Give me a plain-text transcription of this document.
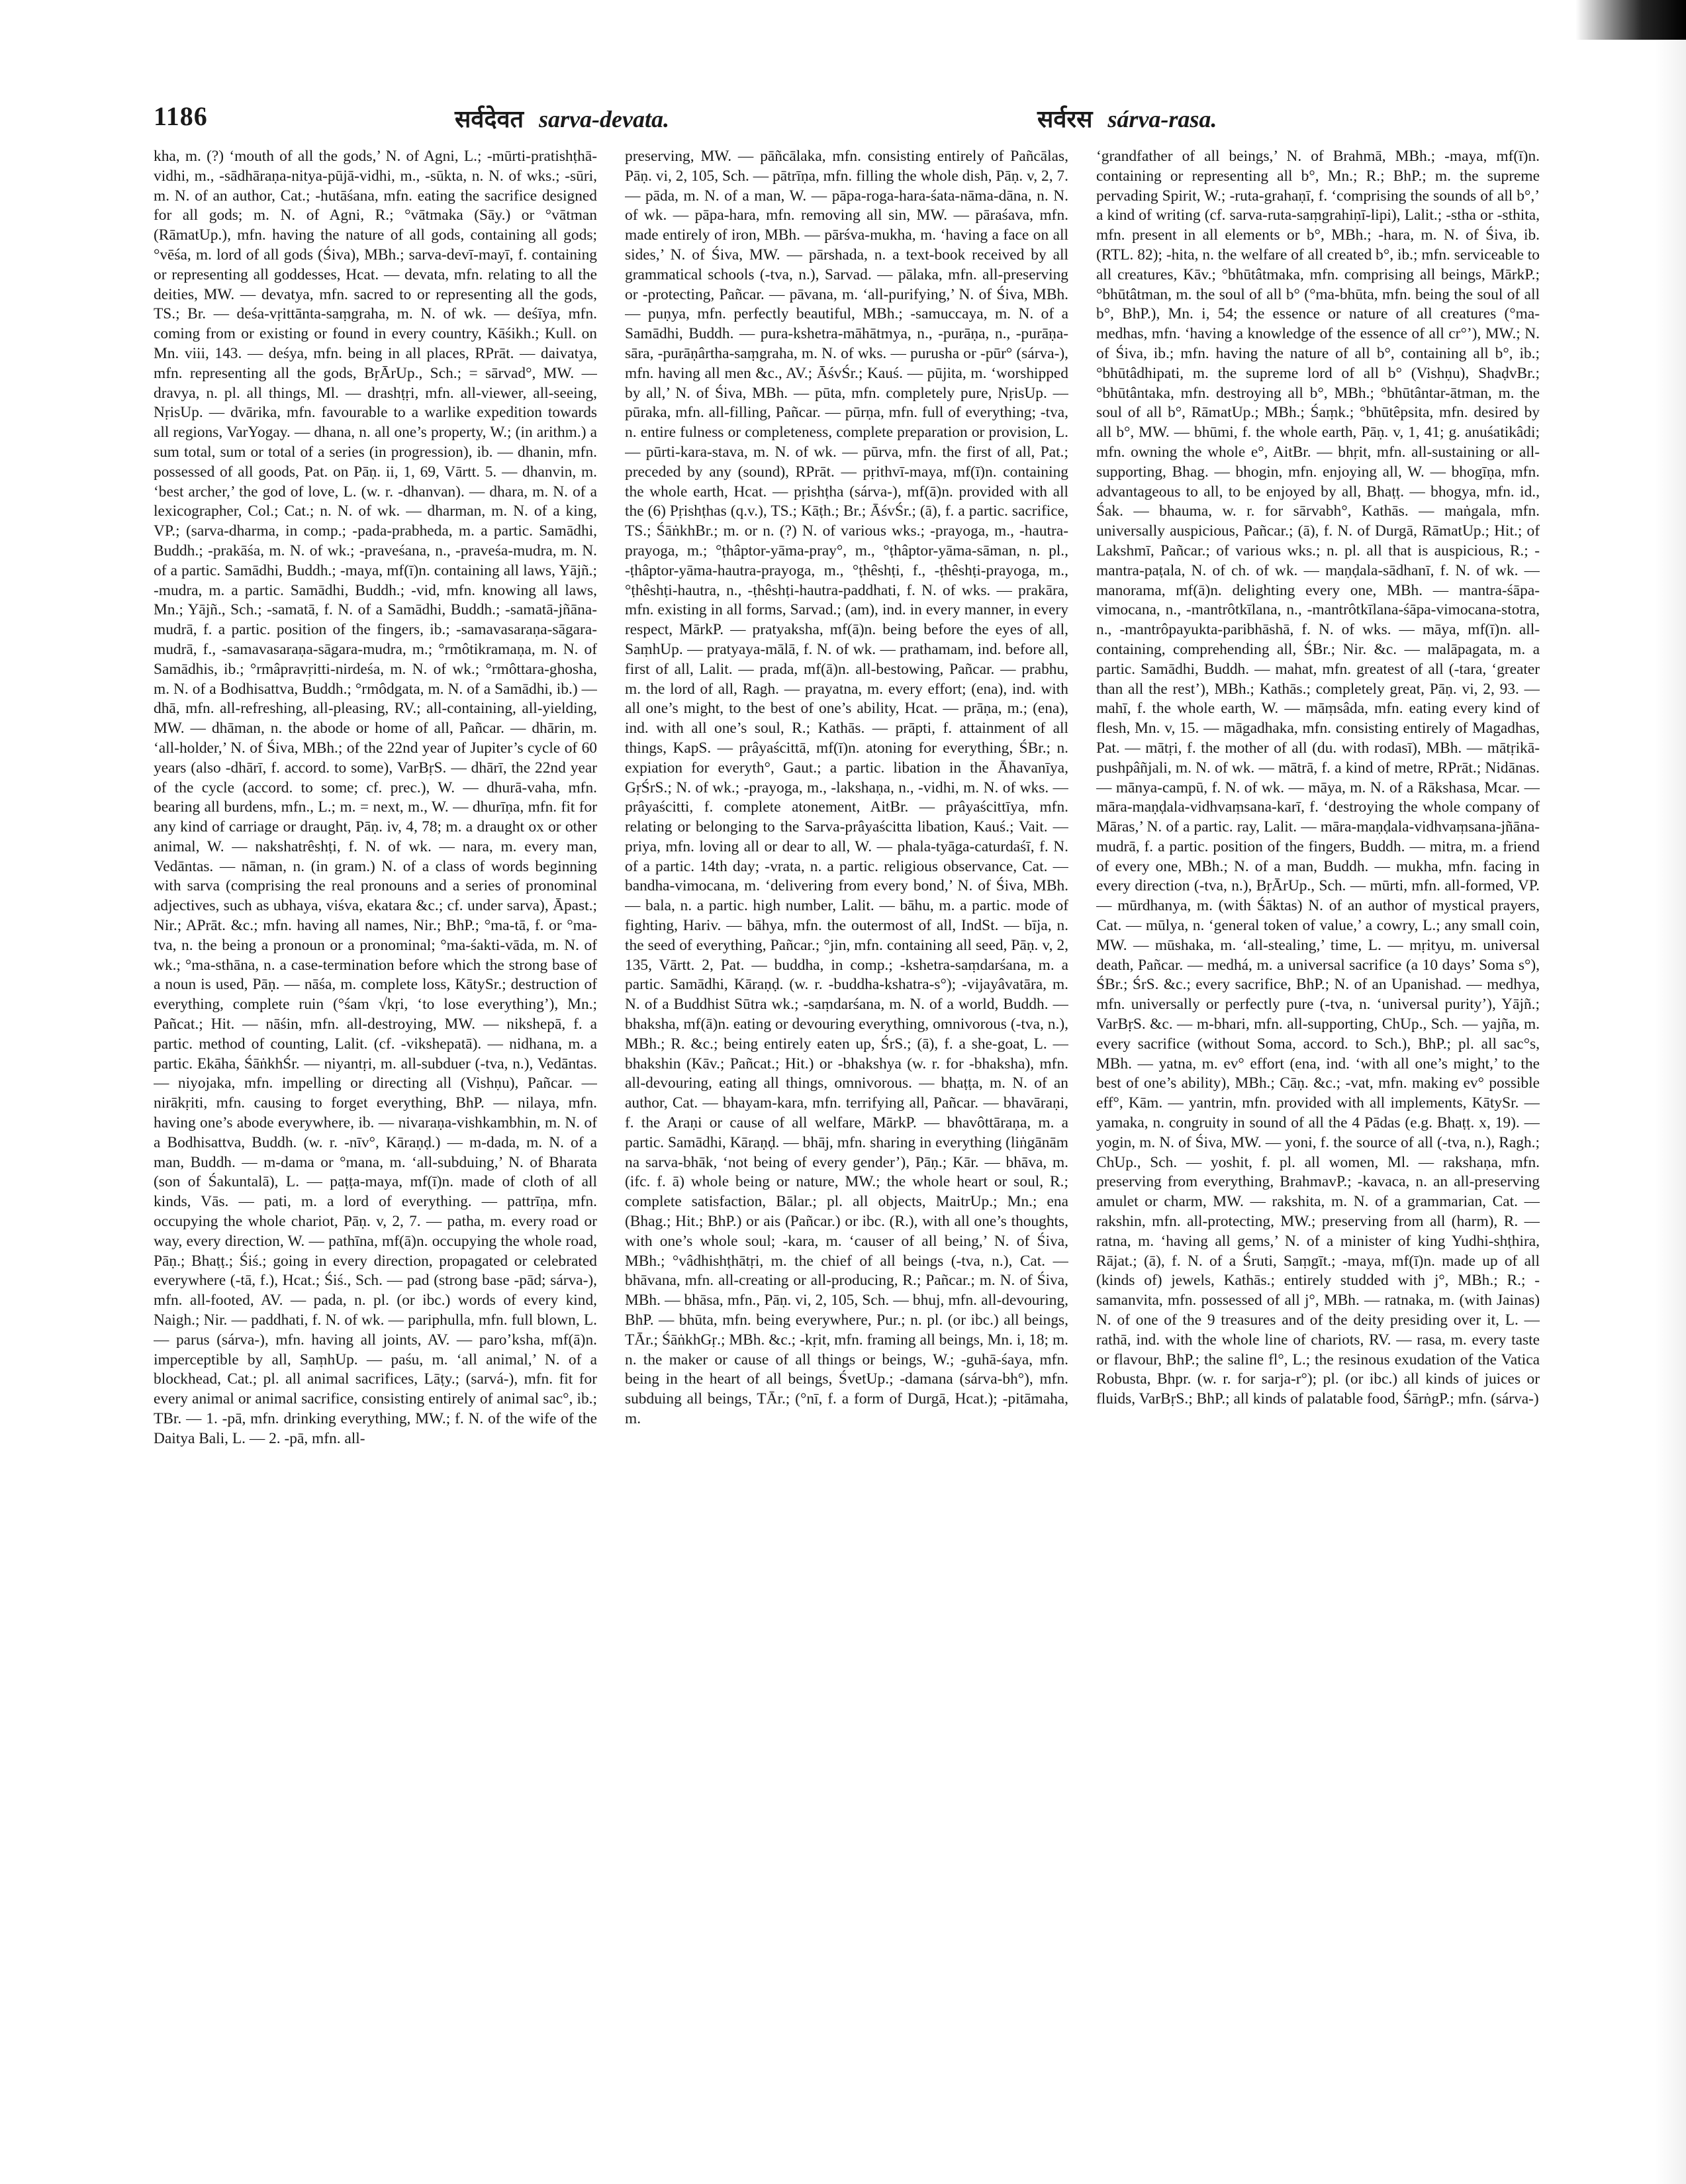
1186	सर्वदेवत sarva-devata.	सर्वरस sárva-rasa.
kha, m. (?) ‘mouth of all the gods,’ N. of Agni, L.; -mūrti-pratishṭhā-vidhi, m., -sādhāraṇa-nitya-pūjā-vidhi, m., -sūkta, n. N. of wks.; -sūri, m. N. of an author, Cat.; -hutāśana, mfn. eating the sacrifice designed for all gods; m. N. of Agni, R.; °vātmaka (Sāy.) or °vātman (RāmatUp.), mfn. having the nature of all gods, containing all gods; °vēśa, m. lord of all gods (Śiva), MBh.; sarva-devī-mayī, f. containing or representing all goddesses, Hcat. — devata, mfn. relating to all the deities, MW. — devatya, mfn. sacred to or representing all the gods, TS.; Br. — deśa-vṛittānta-saṃgraha, m. N. of wk. — deśīya, mfn. coming from or existing or found in every country, Kāśikh.; Kull. on Mn. viii, 143. — deśya, mfn. being in all places, RPrāt. — daivatya, mfn. representing all the gods, BṛĀrUp., Sch.; = sārvad°, MW. — dravya, n. pl. all things, Ml. — drashṭṛi, mfn. all-viewer, all-seeing, NṛisUp. — dvārika, mfn. favourable to a warlike expedition towards all regions, VarYogay. — dhana, n. all one’s property, W.; (in arithm.) a sum total, sum or total of a series (in progression), ib. — dhanin, mfn. possessed of all goods, Pat. on Pāṇ. ii, 1, 69, Vārtt. 5. — dhanvin, m. ‘best archer,’ the god of love, L. (w. r. -dhanvan). — dhara, m. N. of a lexicographer, Col.; Cat.; n. N. of wk. — dharman, m. N. of a king, VP.; (sarva-dharma, in comp.; -pada-prabheda, m. a partic. Samādhi, Buddh.; -prakāśa, m. N. of wk.; -praveśana, n., -praveśa-mudra, m. N. of a partic. Samādhi, Buddh.; -maya, mf(ī)n. containing all laws, Yājñ.; -mudra, m. a partic. Samādhi, Buddh.; -vid, mfn. knowing all laws, Mn.; Yājñ., Sch.; -samatā, f. N. of a Samādhi, Buddh.; -samatā-jñāna-mudrā, f. a partic. position of the fingers, ib.; -samavasaraṇa-sāgara-mudrā, f., -samavasaraṇa-sāgara-mudra, m.; °rmôtikramaṇa, m. N. of Samādhis, ib.; °rmâpravṛitti-nirdeśa, m. N. of wk.; °rmôttara-ghosha, m. N. of a Bodhisattva, Buddh.; °rmôdgata, m. N. of a Samādhi, ib.) — dhā, mfn. all-refreshing, all-pleasing, RV.; all-containing, all-yielding, MW. — dhāman, n. the abode or home of all, Pañcar. — dhārin, m. ‘all-holder,’ N. of Śiva, MBh.; of the 22nd year of Jupiter’s cycle of 60 years (also -dhārī, f. accord. to some), VarBṛS. — dhārī, the 22nd year of the cycle (accord. to some; cf. prec.), W. — dhurā-vaha, mfn. bearing all burdens, mfn., L.; m. = next, m., W. — dhurīṇa, mfn. fit for any kind of carriage or draught, Pāṇ. iv, 4, 78; m. a draught ox or other animal, W. — nakshatrêshṭi, f. N. of wk. — nara, m. every man, Vedāntas. — nāman, n. (in gram.) N. of a class of words beginning with sarva (comprising the real pronouns and a series of pronominal adjectives, such as ubhaya, viśva, ekatara &c.; cf. under sarva), Āpast.; Nir.; APrāt. &c.; mfn. having all names, Nir.; BhP.; °ma-tā, f. or °ma-tva, n. the being a pronoun or a pronominal; °ma-śakti-vāda, m. N. of wk.; °ma-sthāna, n. a case-termination before which the strong base of a noun is used, Pāṇ. — nāśa, m. complete loss, KātySr.; destruction of everything, complete ruin (°śam √kṛi, ‘to lose everything’), Mn.; Pañcat.; Hit. — nāśin, mfn. all-destroying, MW. — nikshepā, f. a partic. method of counting, Lalit. (cf. -vikshepatā). — nidhana, m. a partic. Ekāha, ŚāṅkhŚr. — niyantṛi, m. all-subduer (-tva, n.), Vedāntas. — niyojaka, mfn. impelling or directing all (Vishṇu), Pañcar. — nirākṛiti, mfn. causing to forget everything, BhP. — nilaya, mfn. having one’s abode everywhere, ib. — nivaraṇa-vishkambhin, m. N. of a Bodhisattva, Buddh. (w. r. -nīv°, Kāraṇḍ.) — m-dada, m. N. of a man, Buddh. — m-dama or °mana, m. ‘all-subduing,’ N. of Bharata (son of Śakuntalā), L. — paṭṭa-maya, mf(ī)n. made of cloth of all kinds, Vās. — pati, m. a lord of everything. — pattrīṇa, mfn. occupying the whole chariot, Pāṇ. v, 2, 7. — patha, m. every road or way, every direction, W. — pathīna, mf(ā)n. occupying the whole road, Pāṇ.; Bhaṭṭ.; Śiś.; going in every direction, propagated or celebrated everywhere (-tā, f.), Hcat.; Śiś., Sch. — pad (strong base -pād; sárva-), mfn. all-footed, AV. — pada, n. pl. (or ibc.) words of every kind, Naigh.; Nir. — paddhati, f. N. of wk. — pariphulla, mfn. full blown, L. — parus (sárva-), mfn. having all joints, AV. — paro’ksha, mf(ā)n. imperceptible by all, SaṃhUp. — paśu, m. ‘all animal,’ N. of a blockhead, Cat.; pl. all animal sacrifices, Lāṭy.; (sarvá-), mfn. fit for every animal or animal sacrifice, consisting entirely of animal sac°, ib.; TBr. — 1. -pā, mfn. drinking everything, MW.; f. N. of the wife of the Daitya Bali, L. — 2. -pā, mfn. all-
preserving, MW. — pāñcālaka, mfn. consisting entirely of Pañcālas, Pāṇ. vi, 2, 105, Sch. — pātrīṇa, mfn. filling the whole dish, Pāṇ. v, 2, 7. — pāda, m. N. of a man, W. — pāpa-roga-hara-śata-nāma-dāna, n. N. of wk. — pāpa-hara, mfn. removing all sin, MW. — pāraśava, mfn. made entirely of iron, MBh. — pārśva-mukha, m. ‘having a face on all sides,’ N. of Śiva, MW. — pārshada, n. a text-book received by all grammatical schools (-tva, n.), Sarvad. — pālaka, mfn. all-preserving or -protecting, Pañcar. — pāvana, m. ‘all-purifying,’ N. of Śiva, MBh. — puṇya, mfn. perfectly beautiful, MBh.; -samuccaya, m. N. of a Samādhi, Buddh. — pura-kshetra-māhātmya, n., -purāṇa, n., -purāṇa-sāra, -purāṇârtha-saṃgraha, m. N. of wks. — purusha or -pūr° (sárva-), mfn. having all men &c., AV.; ĀśvŚr.; Kauś. — pūjita, m. ‘worshipped by all,’ N. of Śiva, MBh. — pūta, mfn. completely pure, NṛisUp. — pūraka, mfn. all-filling, Pañcar. — pūrṇa, mfn. full of everything; -tva, n. entire fulness or completeness, complete preparation or provision, L. — pūrti-kara-stava, m. N. of wk. — pūrva, mfn. the first of all, Pat.; preceded by any (sound), RPrāt. — pṛithvī-maya, mf(ī)n. containing the whole earth, Hcat. — pṛishṭha (sárva-), mf(ā)n. provided with all the (6) Pṛishṭhas (q.v.), TS.; Kāṭh.; Br.; ĀśvŚr.; (ā), f. a partic. sacrifice, TS.; ŚāṅkhBr.; m. or n. (?) N. of various wks.; -prayoga, m., -hautra-prayoga, m.; °ṭhâptor-yāma-pray°, m., °ṭhâptor-yāma-sāman, n. pl., -ṭhâptor-yāma-hautra-prayoga, m., °ṭhêshṭi, f., -ṭhêshṭi-prayoga, m., °ṭhêshṭi-hautra, n., -ṭhêshṭi-hautra-paddhati, f. N. of wks. — prakāra, mfn. existing in all forms, Sarvad.; (am), ind. in every manner, in every respect, MārkP. — pratyaksha, mf(ā)n. being before the eyes of all, SaṃhUp. — pratyaya-mālā, f. N. of wk. — prathamam, ind. before all, first of all, Lalit. — prada, mf(ā)n. all-bestowing, Pañcar. — prabhu, m. the lord of all, Ragh. — prayatna, m. every effort; (ena), ind. with all one’s might, to the best of one’s ability, Hcat. — prāṇa, m.; (ena), ind. with all one’s soul, R.; Kathās. — prāpti, f. attainment of all things, KapS. — prâyaścittā, mf(ī)n. atoning for everything, ŚBr.; n. expiation for everyth°, Gaut.; a partic. libation in the Āhavanīya, GṛŚrS.; N. of wk.; -prayoga, m., -lakshaṇa, n., -vidhi, m. N. of wks. — prâyaścitti, f. complete atonement, AitBr. — prâyaścittīya, mfn. relating or belonging to the Sarva-prâyaścitta libation, Kauś.; Vait. — priya, mfn. loving all or dear to all, W. — phala-tyāga-caturdaśī, f. N. of a partic. 14th day; -vrata, n. a partic. religious observance, Cat. — bandha-vimocana, m. ‘delivering from every bond,’ N. of Śiva, MBh. — bala, n. a partic. high number, Lalit. — bāhu, m. a partic. mode of fighting, Hariv. — bāhya, mfn. the outermost of all, IndSt. — bīja, n. the seed of everything, Pañcar.; °jin, mfn. containing all seed, Pāṇ. v, 2, 135, Vārtt. 2, Pat. — buddha, in comp.; -kshetra-saṃdarśana, m. a partic. Samādhi, Kāraṇḍ. (w. r. -buddha-kshatra-s°); -vijayâvatāra, m. N. of a Buddhist Sūtra wk.; -saṃdarśana, m. N. of a world, Buddh. — bhaksha, mf(ā)n. eating or devouring everything, omnivorous (-tva, n.), MBh.; R. &c.; being entirely eaten up, ŚrS.; (ā), f. a she-goat, L. — bhakshin (Kāv.; Pañcat.; Hit.) or -bhakshya (w. r. for -bhaksha), mfn. all-devouring, eating all things, omnivorous. — bhaṭṭa, m. N. of an author, Cat. — bhayam-kara, mfn. terrifying all, Pañcar. — bhavāraṇi, f. the Araṇi or cause of all welfare, MārkP. — bhavôttāraṇa, m. a partic. Samādhi, Kāraṇḍ. — bhāj, mfn. sharing in everything (liṅgānām na sarva-bhāk, ‘not being of every gender’), Pāṇ.; Kār. — bhāva, m. (ifc. f. ā) whole being or nature, MW.; the whole heart or soul, R.; complete satisfaction, Bālar.; pl. all objects, MaitrUp.; Mn.; ena (Bhag.; Hit.; BhP.) or ais (Pañcar.) or ibc. (R.), with all one’s thoughts, with one’s whole soul; -kara, m. ‘causer of all being,’ N. of Śiva, MBh.; °vâdhishṭhātṛi, m. the chief of all beings (-tva, n.), Cat. — bhāvana, mfn. all-creating or all-producing, R.; Pañcar.; m. N. of Śiva, MBh. — bhāsa, mfn., Pāṇ. vi, 2, 105, Sch. — bhuj, mfn. all-devouring, BhP. — bhūta, mfn. being everywhere, Pur.; n. pl. (or ibc.) all beings, TĀr.; ŚāṅkhGṛ.; MBh. &c.; -kṛit, mfn. framing all beings, Mn. i, 18; m. n. the maker or cause of all things or beings, W.; -guhā-śaya, mfn. being in the heart of all beings, ŚvetUp.; -damana (sárva-bh°), mfn. subduing all beings, TĀr.; (°nī, f. a form of Durgā, Hcat.); -pitāmaha, m.
‘grandfather of all beings,’ N. of Brahmā, MBh.; -maya, mf(ī)n. containing or representing all b°, Mn.; R.; BhP.; m. the supreme pervading Spirit, W.; -ruta-grahaṇī, f. ‘comprising the sounds of all b°,’ a kind of writing (cf. sarva-ruta-saṃgrahiṇī-lipi), Lalit.; -stha or -sthita, mfn. present in all elements or b°, MBh.; -hara, m. N. of Śiva, ib. (RTL. 82); -hita, n. the welfare of all created b°, ib.; mfn. serviceable to all creatures, Kāv.; °bhūtâtmaka, mfn. comprising all beings, MārkP.; °bhūtâtman, m. the soul of all b° (°ma-bhūta, mfn. being the soul of all b°, BhP.), Mn. i, 54; the essence or nature of all creatures (°ma-medhas, mfn. ‘having a knowledge of the essence of all cr°’), MW.; N. of Śiva, ib.; mfn. having the nature of all b°, containing all b°, ib.; °bhūtâdhipati, m. the supreme lord of all b° (Vishṇu), ShaḍvBr.; °bhūtântaka, mfn. destroying all b°, MBh.; °bhūtântar-ātman, m. the soul of all b°, RāmatUp.; MBh.; Śaṃk.; °bhūtêpsita, mfn. desired by all b°, MW. — bhūmi, f. the whole earth, Pāṇ. v, 1, 41; g. anuśatikâdi; mfn. owning the whole e°, AitBr. — bhṛit, mfn. all-sustaining or all-supporting, Bhag. — bhogin, mfn. enjoying all, W. — bhogīṇa, mfn. advantageous to all, to be enjoyed by all, Bhaṭṭ. — bhogya, mfn. id., Śak. — bhauma, w. r. for sārvabh°, Kathās. — maṅgala, mfn. universally auspicious, Pañcar.; (ā), f. N. of Durgā, RāmatUp.; Hit.; of Lakshmī, Pañcar.; of various wks.; n. pl. all that is auspicious, R.; -mantra-paṭala, N. of ch. of wk. — maṇḍala-sādhanī, f. N. of wk. — manorama, mf(ā)n. delighting every one, MBh. — mantra-śāpa-vimocana, n., -mantrôtkīlana, n., -mantrôtkīlana-śāpa-vimocana-stotra, n., -mantrôpayukta-paribhāshā, f. N. of wks. — māya, mf(ī)n. all-containing, comprehending all, ŚBr.; Nir. &c. — malāpagata, m. a partic. Samādhi, Buddh. — mahat, mfn. greatest of all (-tara, ‘greater than all the rest’), MBh.; Kathās.; completely great, Pāṇ. vi, 2, 93. — mahī, f. the whole earth, W. — māṃsâda, mfn. eating every kind of flesh, Mn. v, 15. — māgadhaka, mfn. consisting entirely of Magadhas, Pat. — mātṛi, f. the mother of all (du. with rodasī), MBh. — mātṛikā-pushpâñjali, m. N. of wk. — mātrā, f. a kind of metre, RPrāt.; Nidānas. — mānya-campū, f. N. of wk. — māya, m. N. of a Rākshasa, Mcar. — māra-maṇḍala-vidhvaṃsana-karī, f. ‘destroying the whole company of Māras,’ N. of a partic. ray, Lalit. — māra-maṇḍala-vidhvaṃsana-jñāna-mudrā, f. a partic. position of the fingers, Buddh. — mitra, m. a friend of every one, MBh.; N. of a man, Buddh. — mukha, mfn. facing in every direction (-tva, n.), BṛĀrUp., Sch. — mūrti, mfn. all-formed, VP. — mūrdhanya, m. (with Śāktas) N. of an author of mystical prayers, Cat. — mūlya, n. ‘general token of value,’ a cowry, L.; any small coin, MW. — mūshaka, m. ‘all-stealing,’ time, L. — mṛityu, m. universal death, Pañcar. — medhá, m. a universal sacrifice (a 10 days’ Soma s°), ŚBr.; ŚrS. &c.; every sacrifice, BhP.; N. of an Upanishad. — medhya, mfn. universally or perfectly pure (-tva, n. ‘universal purity’), Yājñ.; VarBṛS. &c. — m-bhari, mfn. all-supporting, ChUp., Sch. — yajña, m. every sacrifice (without Soma, accord. to Sch.), BhP.; pl. all sac°s, MBh. — yatna, m. ev° effort (ena, ind. ‘with all one’s might,’ to the best of one’s ability), MBh.; Cāṇ. &c.; -vat, mfn. making ev° possible eff°, Kām. — yantrin, mfn. provided with all implements, KātySr. — yamaka, n. congruity in sound of all the 4 Pādas (e.g. Bhaṭṭ. x, 19). — yogin, m. N. of Śiva, MW. — yoni, f. the source of all (-tva, n.), Ragh.; ChUp., Sch. — yoshit, f. pl. all women, Ml. — rakshaṇa, mfn. preserving from everything, BrahmavP.; -kavaca, n. an all-preserving amulet or charm, MW. — rakshita, m. N. of a grammarian, Cat. — rakshin, mfn. all-protecting, MW.; preserving from all (harm), R. — ratna, m. ‘having all gems,’ N. of a minister of king Yudhi-shṭhira, Rājat.; (ā), f. N. of a Śruti, Saṃgīt.; -maya, mf(ī)n. made up of all (kinds of) jewels, Kathās.; entirely studded with j°, MBh.; R.; -samanvita, mfn. possessed of all j°, MBh. — ratnaka, m. (with Jainas) N. of one of the 9 treasures and of the deity presiding over it, L. — rathā, ind. with the whole line of chariots, RV. — rasa, m. every taste or flavour, BhP.; the saline fl°, L.; the resinous exudation of the Vatica Robusta, Bhpr. (w. r. for sarja-r°); pl. (or ibc.) all kinds of juices or fluids, VarBṛS.; BhP.; all kinds of palatable food, ŚārṅgP.; mfn. (sárva-)
